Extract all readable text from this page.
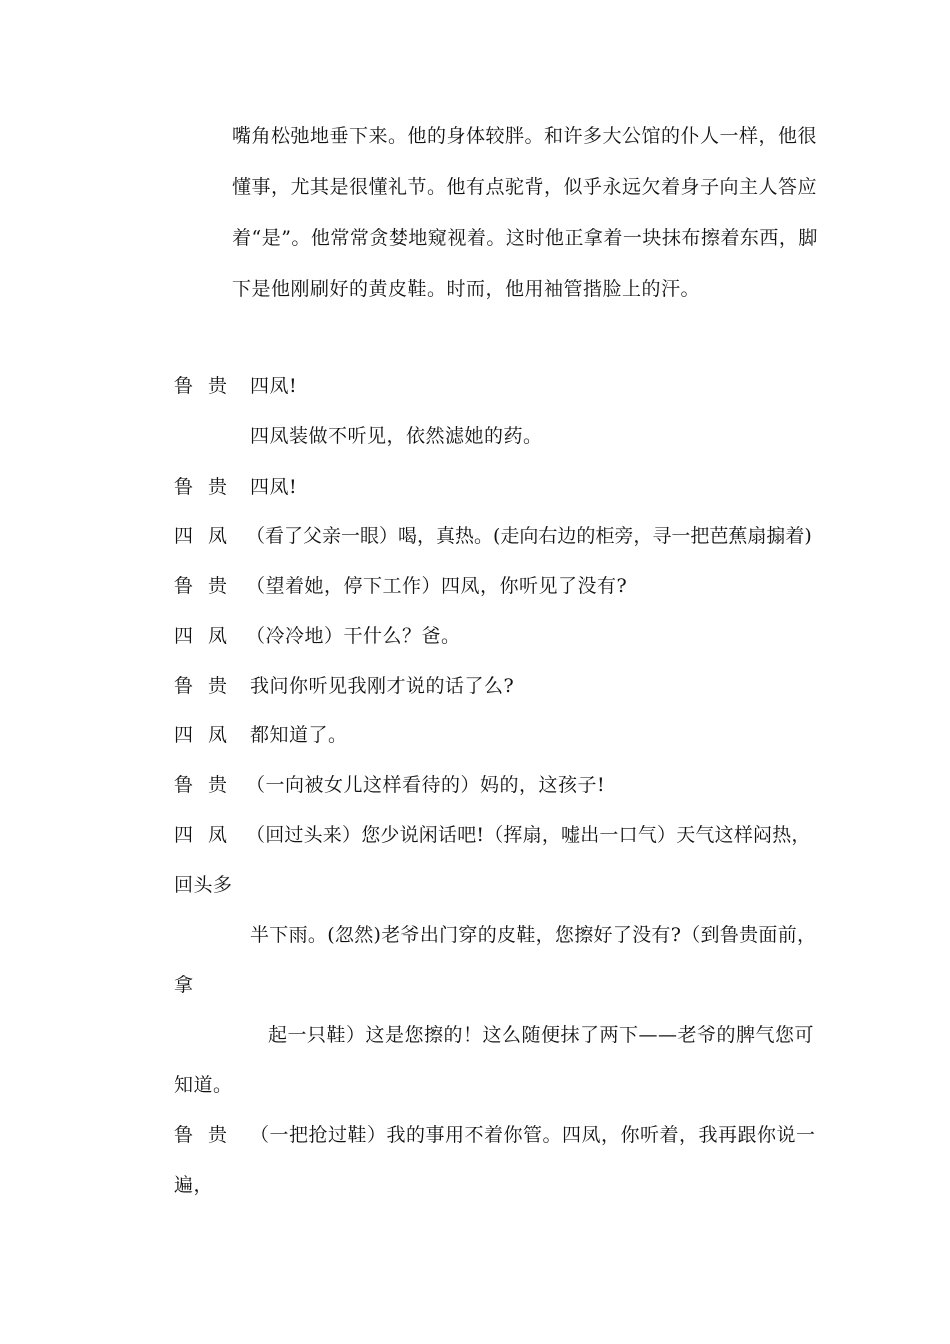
嘴角松弛地垂下来。他的身体较胖。和许多大公馆的仆人一样，他很
懂事，尤其是很懂礼节。他有点驼背，似乎永远欠着身子向主人答应
着“是”。他常常贪婪地窥视着。这时他正拿着一块抹布擦着东西，脚
下是他刚刷好的黄皮鞋。时而，他用袖管揩脸上的汗。
鲁贵 四凤!
四凤装做不听见，依然滤她的药。
鲁贵 四凤!
四凤 （看了父亲一眼）喝，真热。(走向右边的柜旁，寻一把芭蕉扇搧着)
鲁贵 （望着她，停下工作）四凤，你听见了没有?
四凤 （冷冷地）干什么？爸。
鲁贵 我问你听见我刚才说的话了么?
四凤 都知道了。
鲁贵 （一向被女儿这样看待的）妈的，这孩子!
四凤 （回过头来）您少说闲话吧!（挥扇，嘘出一口气）天气这样闷热，
回头多
半下雨。(忽然)老爷出门穿的皮鞋，您擦好了没有?（到鲁贵面前，
拿
起一只鞋）这是您擦的！这么随便抹了两下——老爷的脾气您可
知道。
鲁贵 （一把抢过鞋）我的事用不着你管。四凤，你听着，我再跟你说一
遍，
